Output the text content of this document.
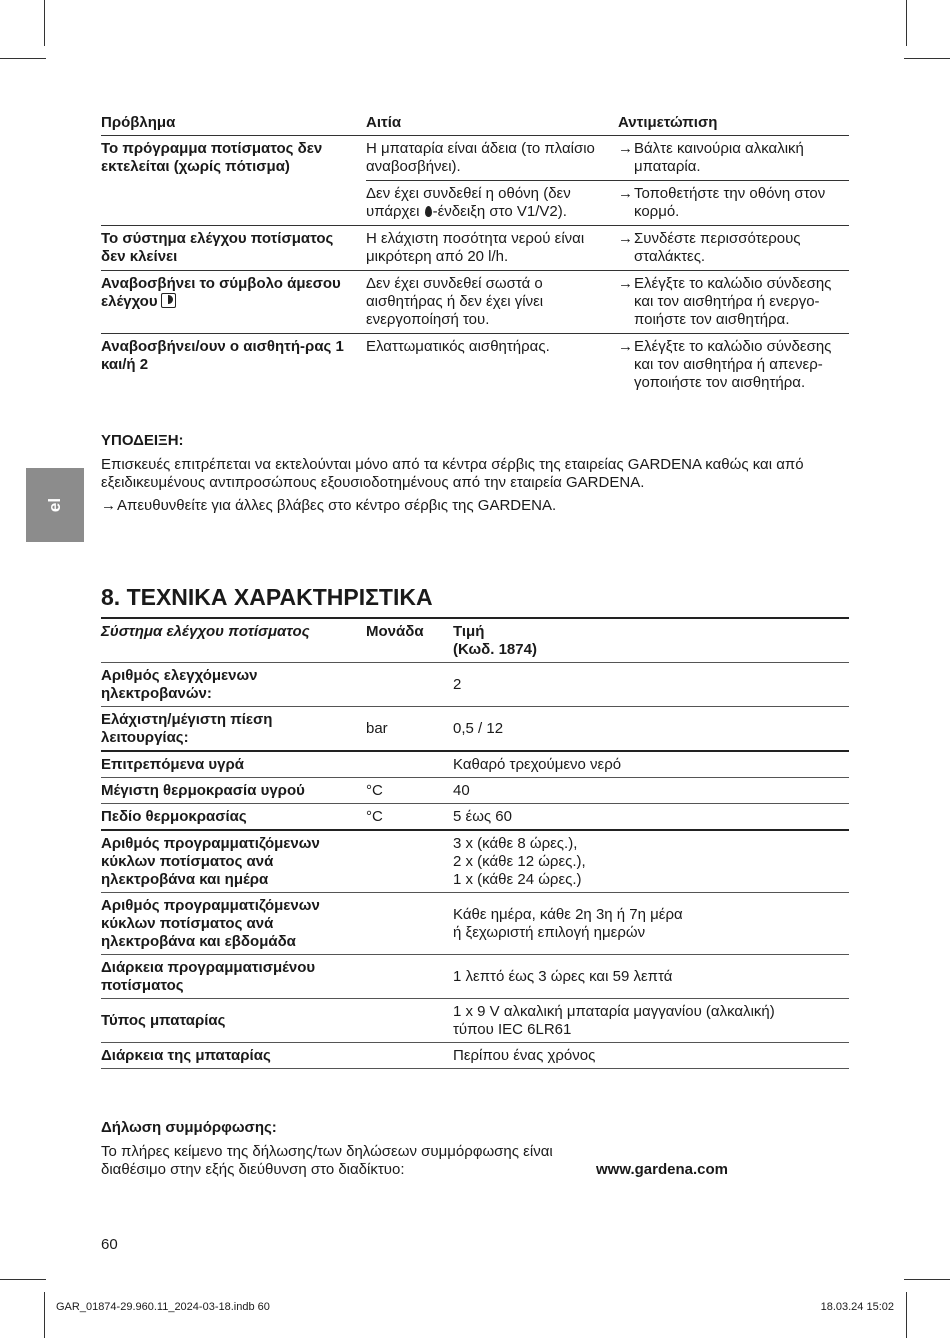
el
Πρόβλημα	Αιτία	Αντιμετώπιση
Το πρόγραμμα ποτίσματος δεν εκτελείται (χωρίς πότισμα)	Η μπαταρία είναι άδεια (το πλαίσιο αναβοσβήνει).	→ Βάλτε καινούρια αλκαλική μπαταρία.

	Δεν έχει συνδεθεί η οθόνη (δεν υπάρχει -ένδειξη στο V1/V2).	→ Τοποθετήστε την οθόνη στον κορμό.

Το σύστημα ελέγχου ποτίσματος δεν κλείνει	Η ελάχιστη ποσότητα νερού είναι μικρότερη από 20 l/h.	→ Συνδέστε περισσότερους σταλάκτες.

Αναβοσβήνει το σύμβολο άμεσου ελέγχου	Δεν έχει συνδεθεί σωστά ο αισθητήρας ή δεν έχει γίνει ενεργοποίησή του.	→ Ελέγξτε το καλώδιο σύνδεσης και τον αισθητήρα ή ενεργο-ποιήστε τον αισθητήρα.

Αναβοσβήνει/ουν ο αισθητή-ρας 1 και/ή 2	Ελαττωματικός αισθητήρας.	→ Ελέγξτε το καλώδιο σύνδεσης και τον αισθητήρα ή απενερ-γοποιήστε τον αισθητήρα.
ΥΠΟΔΕΙΞΗ:

Επισκευές επιτρέπεται να εκτελούνται μόνο από τα κέντρα σέρβις της εταιρείας GARDENA καθώς και από εξειδικευμένους αντιπροσώπους εξουσιοδοτημένους από την εταιρεία GARDENA.

→ Απευθυνθείτε για άλλες βλάβες στο κέντρο σέρβις της GARDENA.
8. ΤΕΧΝΙΚΑ ΧΑΡΑΚΤΗΡΙΣΤΙΚΑ
Σύστημα ελέγχου ποτίσματος	Μονάδα	Τιμή
(Κωδ. 1874)

Αριθμός ελεγχόμενων ηλεκτροβανών:		2
Ελάχιστη/μέγιστη πίεση λειτουργίας:	bar	0,5 / 12
Επιτρεπόμενα υγρά		Καθαρό τρεχούμενο νερό
Μέγιστη θερμοκρασία υγρού	°C	40
Πεδίο θερμοκρασίας	°C	5 έως 60
Αριθμός προγραμματιζόμενων κύκλων ποτίσματος ανά ηλεκτροβάνα και ημέρα		3 x (κάθε 8 ώρες.),
2 x (κάθε 12 ώρες.),
1 x (κάθε 24 ώρες.)
Αριθμός προγραμματιζόμενων κύκλων ποτίσματος ανά ηλεκτροβάνα και εβδομάδα		Κάθε ημέρα, κάθε 2η 3η ή 7η μέρα
ή ξεχωριστή επιλογή ημερών
Διάρκεια προγραμματισμένου ποτίσματος		1 λεπτό έως 3 ώρες και 59 λεπτά
Τύπος μπαταρίας		1 x 9 V αλκαλική μπαταρία μαγγανίου (αλκαλική)
τύπου IEC 6LR61
Διάρκεια της μπαταρίας		Περίπου ένας χρόνος
Δήλωση συμμόρφωσης:
Το πλήρες κείμενο της δήλωσης/των δηλώσεων συμμόρφωσης είναι διαθέσιμο στην εξής διεύθυνση στο διαδίκτυο:	www.gardena.com
60
GAR_01874-29.960.11_2024-03-18.indb 60	18.03.24 15:02
